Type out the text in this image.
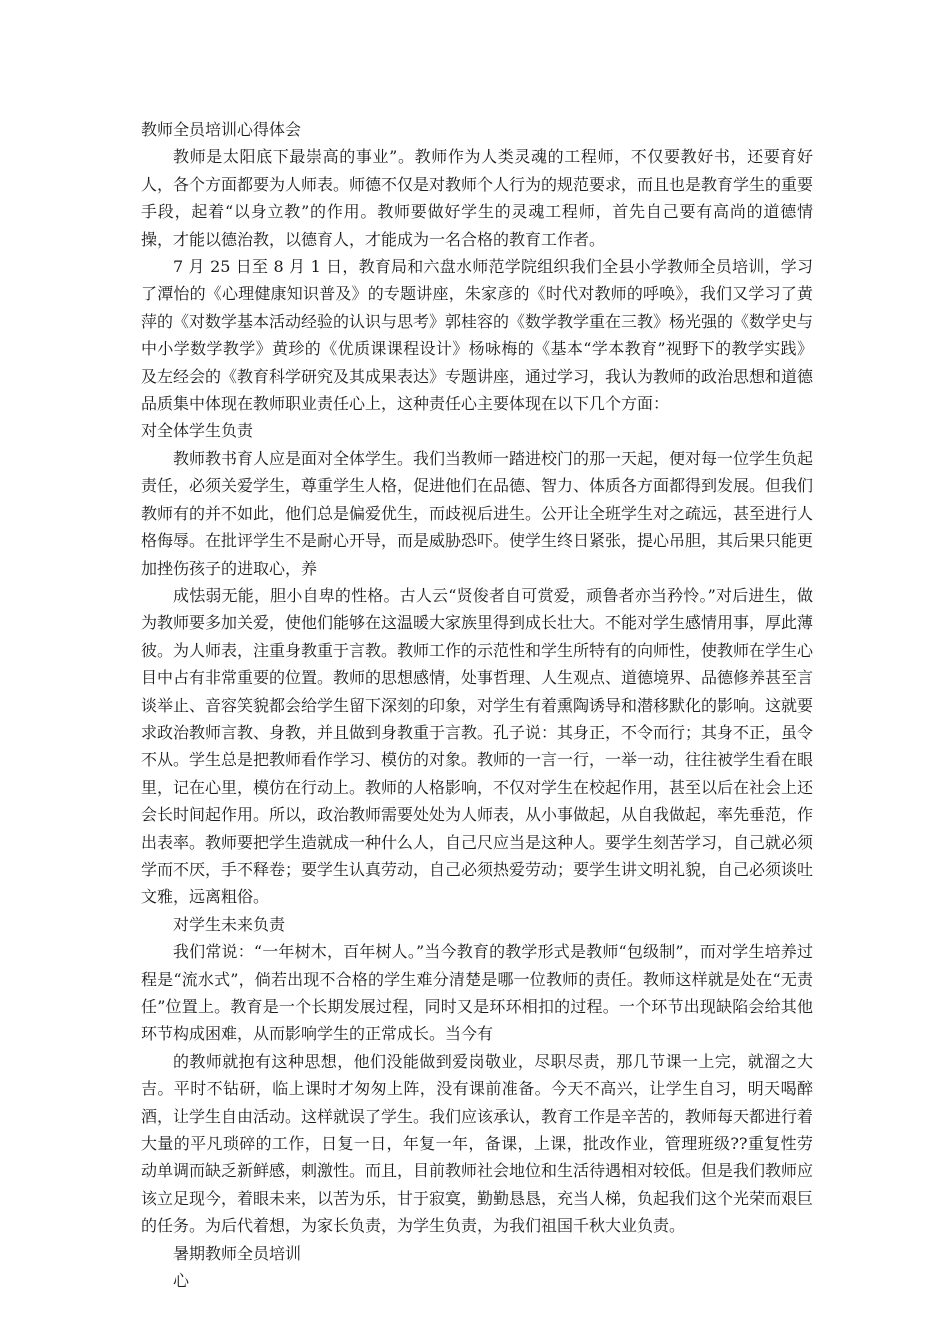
教师全员培训心得体会

教师是太阳底下最崇高的事业”。教师作为人类灵魂的工程师，不仅要教好书，还要育好人，各个方面都要为人师表。师德不仅是对教师个人行为的规范要求，而且也是教育学生的重要手段，起着“以身立教”的作用。教师要做好学生的灵魂工程师，首先自己要有高尚的道德情操，才能以德治教，以德育人，才能成为一名合格的教育工作者。

7 月 25 日至 8 月 1 日，教育局和六盘水师范学院组织我们全县小学教师全员培训，学习了潭怡的《心理健康知识普及》的专题讲座，朱家彦的《时代对教师的呼唤》，我们又学习了黄萍的《对数学基本活动经验的认识与思考》郭桂容的《数学教学重在三教》杨光强的《数学史与中小学数学教学》黄珍的《优质课课程设计》杨咏梅的《基本“学本教育”视野下的教学实践》及左经会的《教育科学研究及其成果表达》专题讲座，通过学习，我认为教师的政治思想和道德品质集中体现在教师职业责任心上，这种责任心主要体现在以下几个方面：

对全体学生负责

教师教书育人应是面对全体学生。我们当教师一踏进校门的那一天起，便对每一位学生负起责任，必须关爱学生，尊重学生人格，促进他们在品德、智力、体质各方面都得到发展。但我们教师有的并不如此，他们总是偏爱优生，而歧视后进生。公开让全班学生对之疏远，甚至进行人格侮辱。在批评学生不是耐心开导，而是威胁恐吓。使学生终日紧张，提心吊胆，其后果只能更加挫伤孩子的进取心，养

成怯弱无能，胆小自卑的性格。古人云“贤俊者自可赏爱，顽鲁者亦当矜怜。”对后进生，做为教师要多加关爱，使他们能够在这温暖大家族里得到成长壮大。不能对学生感情用事，厚此薄彼。为人师表，注重身教重于言教。教师工作的示范性和学生所特有的向师性，使教师在学生心目中占有非常重要的位置。教师的思想感情，处事哲理、人生观点、道德境界、品德修养甚至言谈举止、音容笑貌都会给学生留下深刻的印象，对学生有着熏陶诱导和潜移默化的影响。这就要求政治教师言教、身教，并且做到身教重于言教。孔子说：其身正，不令而行；其身不正，虽令不从。学生总是把教师看作学习、模仿的对象。教师的一言一行，一举一动，往往被学生看在眼里，记在心里，模仿在行动上。教师的人格影响，不仅对学生在校起作用，甚至以后在社会上还会长时间起作用。所以，政治教师需要处处为人师表，从小事做起，从自我做起，率先垂范，作出表率。教师要把学生造就成一种什么人，自己尺应当是这种人。要学生刻苦学习，自己就必须学而不厌，手不释卷；要学生认真劳动，自己必须热爱劳动；要学生讲文明礼貌，自己必须谈吐文雅，远离粗俗。

对学生未来负责

我们常说：“一年树木，百年树人。”当今教育的教学形式是教师“包级制”，而对学生培养过程是“流水式”，倘若出现不合格的学生难分清楚是哪一位教师的责任。教师这样就是处在“无责任”位置上。教育是一个长期发展过程，同时又是环环相扣的过程。一个环节出现缺陷会给其他环节构成困难，从而影响学生的正常成长。当今有

的教师就抱有这种思想，他们没能做到爱岗敬业，尽职尽责，那几节课一上完，就溜之大吉。平时不钻研，临上课时才匆匆上阵，没有课前准备。今天不高兴，让学生自习，明天喝醉酒，让学生自由活动。这样就误了学生。我们应该承认，教育工作是辛苦的，教师每天都进行着大量的平凡琐碎的工作，日复一日，年复一年，备课，上课，批改作业，管理班级??重复性劳动单调而缺乏新鲜感，刺激性。而且，目前教师社会地位和生活待遇相对较低。但是我们教师应该立足现今，着眼未来，以苦为乐，甘于寂寞，勤勤恳恳，充当人梯，负起我们这个光荣而艰巨的任务。为后代着想，为家长负责，为学生负责，为我们祖国千秋大业负责。

暑期教师全员培训

心
